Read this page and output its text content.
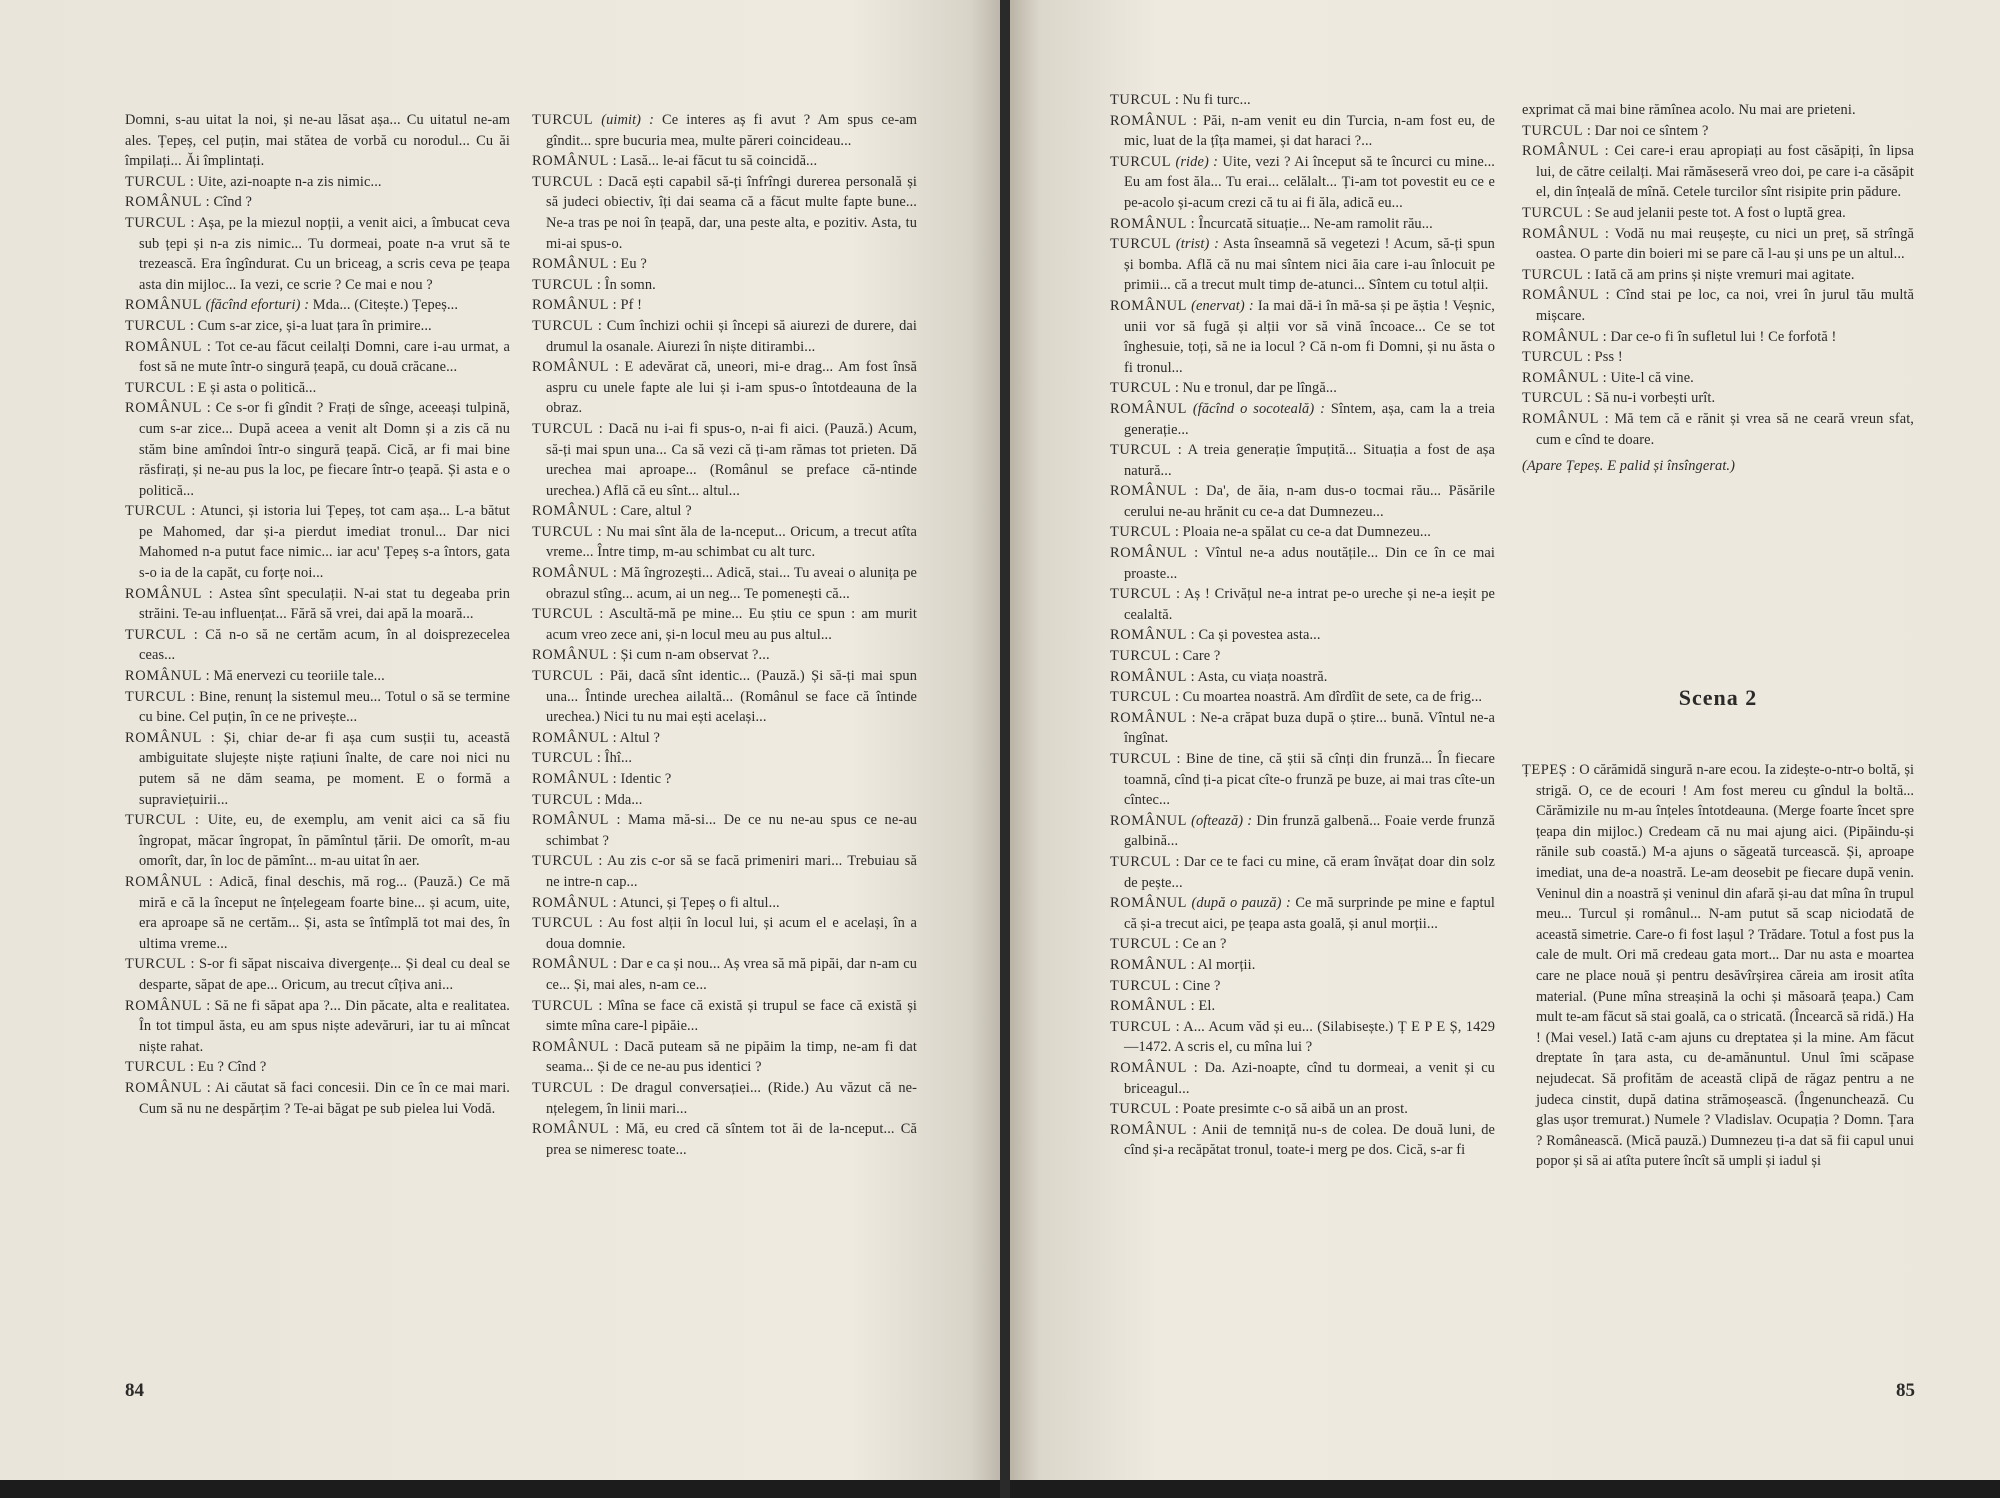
Domni, s-au uitat la noi, și ne-au lăsat așa... Cu uitatul ne-am ales. Țepeș, cel puțin, mai stătea de vorbă cu norodul... Cu ăi împilați... Ăi împlintați.

TURCUL : Uite, azi-noapte n-a zis nimic...

ROMÂNUL : Cînd ?

TURCUL : Așa, pe la miezul nopții, a venit aici, a îmbucat ceva sub țepi și n-a zis nimic... Tu dormeai, poate n-a vrut să te trezească. Era îngîndurat. Cu un briceag, a scris ceva pe țeapa asta din mijloc... Ia vezi, ce scrie ? Ce mai e nou ?

ROMÂNUL (făcînd eforturi) : Mda... (Citește.) Țepeș...

TURCUL : Cum s-ar zice, și-a luat țara în primire...

ROMÂNUL : Tot ce-au făcut ceilalți Domni, care i-au urmat, a fost să ne mute într-o singură țeapă, cu două crăcane...

TURCUL : E și asta o politică...

ROMÂNUL : Ce s-or fi gîndit ? Frați de sînge, aceeași tulpină, cum s-ar zice... După aceea a venit alt Domn și a zis că nu stăm bine amîndoi într-o singură țeapă. Cică, ar fi mai bine răsfirați, și ne-au pus la loc, pe fiecare într-o țeapă. Și asta e o politică...

TURCUL : Atunci, și istoria lui Țepeș, tot cam așa... L-a bătut pe Mahomed, dar și-a pierdut imediat tronul... Dar nici Mahomed n-a putut face nimic... iar acu' Țepeș s-a întors, gata s-o ia de la capăt, cu forțe noi...

ROMÂNUL : Astea sînt speculații. N-ai stat tu degeaba prin străini. Te-au influențat... Fără să vrei, dai apă la moară...

TURCUL : Că n-o să ne certăm acum, în al doisprezecelea ceas...

ROMÂNUL : Mă enervezi cu teoriile tale...

TURCUL : Bine, renunț la sistemul meu... Totul o să se termine cu bine. Cel puțin, în ce ne privește...

ROMÂNUL : Și, chiar de-ar fi așa cum susții tu, această ambiguitate slujește niște rațiuni înalte, de care noi nici nu putem să ne dăm seama, pe moment. E o formă a supraviețuirii...

TURCUL : Uite, eu, de exemplu, am venit aici ca să fiu îngropat, măcar îngropat, în pămîntul țării. De omorît, m-au omorît, dar, în loc de pămînt... m-au uitat în aer.

ROMÂNUL : Adică, final deschis, mă rog... (Pauză.) Ce mă miră e că la început ne înțelegeam foarte bine... și acum, uite, era aproape să ne certăm... Și, asta se întîmplă tot mai des, în ultima vreme...

TURCUL : S-or fi săpat niscaiva divergențe... Și deal cu deal se desparte, săpat de ape... Oricum, au trecut cîțiva ani...

ROMÂNUL : Să ne fi săpat apa ?... Din păcate, alta e realitatea. În tot timpul ăsta, eu am spus niște adevăruri, iar tu ai mîncat niște rahat.

TURCUL : Eu ? Cînd ?

ROMÂNUL : Ai căutat să faci concesii. Din ce în ce mai mari. Cum să nu ne despărțim ? Te-ai băgat pe sub pielea lui Vodă.

TURCUL (uimit) : Ce interes aș fi avut ? Am spus ce-am gîndit... spre bucuria mea, multe păreri coincideau...

ROMÂNUL : Lasă... le-ai făcut tu să coincidă...

TURCUL : Dacă ești capabil să-ți înfrîngi durerea personală și să judeci obiectiv, îți dai seama că a făcut multe fapte bune... Ne-a tras pe noi în țeapă, dar, una peste alta, e pozitiv. Asta, tu mi-ai spus-o.

ROMÂNUL : Eu ?

TURCUL : În somn.

ROMÂNUL : Pf !

TURCUL : Cum închizi ochii și începi să aiurezi de durere, dai drumul la osanale. Aiurezi în niște ditirambi...

ROMÂNUL : E adevărat că, uneori, mi-e drag... Am fost însă aspru cu unele fapte ale lui și i-am spus-o întotdeauna de la obraz.

TURCUL : Dacă nu i-ai fi spus-o, n-ai fi aici. (Pauză.) Acum, să-ți mai spun una... Ca să vezi că ți-am rămas tot prieten. Dă urechea mai aproape... (Românul se preface că-ntinde urechea.) Află că eu sînt... altul...

ROMÂNUL : Care, altul ?

TURCUL : Nu mai sînt ăla de la-nceput... Oricum, a trecut atîta vreme... Între timp, m-au schimbat cu alt turc.

ROMÂNUL : Mă îngrozești... Adică, stai... Tu aveai o alunița pe obrazul stîng... acum, ai un neg... Te pomenești că...

TURCUL : Ascultă-mă pe mine... Eu știu ce spun : am murit acum vreo zece ani, și-n locul meu au pus altul...

ROMÂNUL : Și cum n-am observat ?...

TURCUL : Păi, dacă sînt identic... (Pauză.) Și să-ți mai spun una... Întinde urechea ailaltă... (Românul se face că întinde urechea.) Nici tu nu mai ești același...

ROMÂNUL : Altul ?

TURCUL : Îhî...

ROMÂNUL : Identic ?

TURCUL : Mda...

ROMÂNUL : Mama mă-si... De ce nu ne-au spus ce ne-au schimbat ?

TURCUL : Au zis c-or să se facă primeniri mari... Trebuiau să ne intre-n cap...

ROMÂNUL : Atunci, și Țepeș o fi altul...

TURCUL : Au fost alții în locul lui, și acum el e același, în a doua domnie.

ROMÂNUL : Dar e ca și nou... Aș vrea să mă pipăi, dar n-am cu ce... Și, mai ales, n-am ce...

TURCUL : Mîna se face că există și trupul se face că există și simte mîna care-l pipăie...

ROMÂNUL : Dacă puteam să ne pipăim la timp, ne-am fi dat seama... Și de ce ne-au pus identici ?

TURCUL : De dragul conversației... (Ride.) Au văzut că ne-nțelegem, în linii mari...

ROMÂNUL : Mă, eu cred că sîntem tot ăi de la-nceput... Că prea se nimeresc toate...

84

TURCUL : Nu fi turc...

ROMÂNUL : Păi, n-am venit eu din Turcia, n-am fost eu, de mic, luat de la țîța mamei, și dat haraci ?...

TURCUL (ride) : Uite, vezi ? Ai început să te încurci cu mine... Eu am fost ăla... Tu erai... celălalt... Ți-am tot povestit eu ce e pe-acolo și-acum crezi că tu ai fi ăla, adică eu...

ROMÂNUL : Încurcată situație... Ne-am ramolit rău...

TURCUL (trist) : Asta înseamnă să vegetezi ! Acum, să-ți spun și bomba. Află că nu mai sîntem nici ăia care i-au înlocuit pe primii... că a trecut mult timp de-atunci... Sîntem cu totul alții.

ROMÂNUL (enervat) : Ia mai dă-i în mă-sa și pe ăștia ! Veșnic, unii vor să fugă și alții vor să vină încoace... Ce se tot înghesuie, toți, să ne ia locul ? Că n-om fi Domni, și nu ăsta o fi tronul...

TURCUL : Nu e tronul, dar pe lîngă...

ROMÂNUL (făcînd o socoteală) : Sîntem, așa, cam la a treia generație...

TURCUL : A treia generație împuțită... Situația a fost de așa natură...

ROMÂNUL : Da', de ăia, n-am dus-o tocmai rău... Păsările cerului ne-au hrănit cu ce-a dat Dumnezeu...

TURCUL : Ploaia ne-a spălat cu ce-a dat Dumnezeu...

ROMÂNUL : Vîntul ne-a adus noutățile... Din ce în ce mai proaste...

TURCUL : Aș ! Crivățul ne-a intrat pe-o ureche și ne-a ieșit pe cealaltă.

ROMÂNUL : Ca și povestea asta...

TURCUL : Care ?

ROMÂNUL : Asta, cu viața noastră.

TURCUL : Cu moartea noastră. Am dîrdîit de sete, ca de frig...

ROMÂNUL : Ne-a crăpat buza după o știre... bună. Vîntul ne-a îngînat.

TURCUL : Bine de tine, că știi să cînți din frunză... În fiecare toamnă, cînd ți-a picat cîte-o frunză pe buze, ai mai tras cîte-un cîntec...

ROMÂNUL (oftează) : Din frunză galbenă... Foaie verde frunză galbină...

TURCUL : Dar ce te faci cu mine, că eram învățat doar din solz de pește...

ROMÂNUL (după o pauză) : Ce mă surprinde pe mine e faptul că și-a trecut aici, pe țeapa asta goală, și anul morții...

TURCUL : Ce an ?

ROMÂNUL : Al morții.

TURCUL : Cine ?

ROMÂNUL : El.

TURCUL : A... Acum văd și eu... (Silabisește.) Ț E P E Ș, 1429—1472. A scris el, cu mîna lui ?

ROMÂNUL : Da. Azi-noapte, cînd tu dormeai, a venit și cu briceagul...

TURCUL : Poate presimte c-o să aibă un an prost.

ROMÂNUL : Anii de temniță nu-s de colea. De două luni, de cînd și-a recăpătat tronul, toate-i merg pe dos. Cică, s-ar fi

exprimat că mai bine rămînea acolo. Nu mai are prieteni.

TURCUL : Dar noi ce sîntem ?

ROMÂNUL : Cei care-i erau apropiați au fost căsăpiți, în lipsa lui, de către ceilalți. Mai rămăseseră vreo doi, pe care i-a căsăpit el, din înțeală de mînă. Cetele turcilor sînt risipite prin pădure.

TURCUL : Se aud jelanii peste tot. A fost o luptă grea.

ROMÂNUL : Vodă nu mai reușește, cu nici un preț, să strîngă oastea. O parte din boieri mi se pare că l-au și uns pe un altul...

TURCUL : Iată că am prins și niște vremuri mai agitate.

ROMÂNUL : Cînd stai pe loc, ca noi, vrei în jurul tău multă mișcare.

ROMÂNUL : Dar ce-o fi în sufletul lui ! Ce forfotă !

TURCUL : Pss !

ROMÂNUL : Uite-l că vine.

TURCUL : Să nu-i vorbești urît.

ROMÂNUL : Mă tem că e rănit și vrea să ne ceară vreun sfat, cum e cînd te doare.

(Apare Țepeș. E palid și însîngerat.)

Scena 2

ȚEPEȘ : O cărămidă singură n-are ecou. Ia zidește-o-ntr-o boltă, și strigă. O, ce de ecouri ! Am fost mereu cu gîndul la boltă... Cărămizile nu m-au înțeles întotdeauna. (Merge foarte încet spre țeapa din mijloc.) Credeam că nu mai ajung aici. (Pipăindu-și rănile sub coastă.) M-a ajuns o săgeată turcească. Și, aproape imediat, una de-a noastră. Le-am deosebit pe fiecare după venin. Veninul din a noastră și veninul din afară și-au dat mîna în trupul meu... Turcul și românul... N-am putut să scap niciodată de această simetrie. Care-o fi fost lașul ? Trădare. Totul a fost pus la cale de mult. Ori mă credeau gata mort... Dar nu asta e moartea care ne place nouă și pentru desăvîrșirea căreia am irosit atîta material. (Pune mîna streașină la ochi și măsoară țeapa.) Cam mult te-am făcut să stai goală, ca o stricată. (Încearcă să ridă.) Ha ! (Mai vesel.) Iată c-am ajuns cu dreptatea și la mine. Am făcut dreptate în țara asta, cu de-amănuntul. Unul îmi scăpase nejudecat. Să profităm de această clipă de răgaz pentru a ne judeca cinstit, după datina strămoșească. (Îngenunchează. Cu glas ușor tremurat.) Numele ? Vladislav. Ocupația ? Domn. Țara ? Românească. (Mică pauză.) Dumnezeu ți-a dat să fii capul unui popor și să ai atîta putere încît să umpli și iadul și

85
